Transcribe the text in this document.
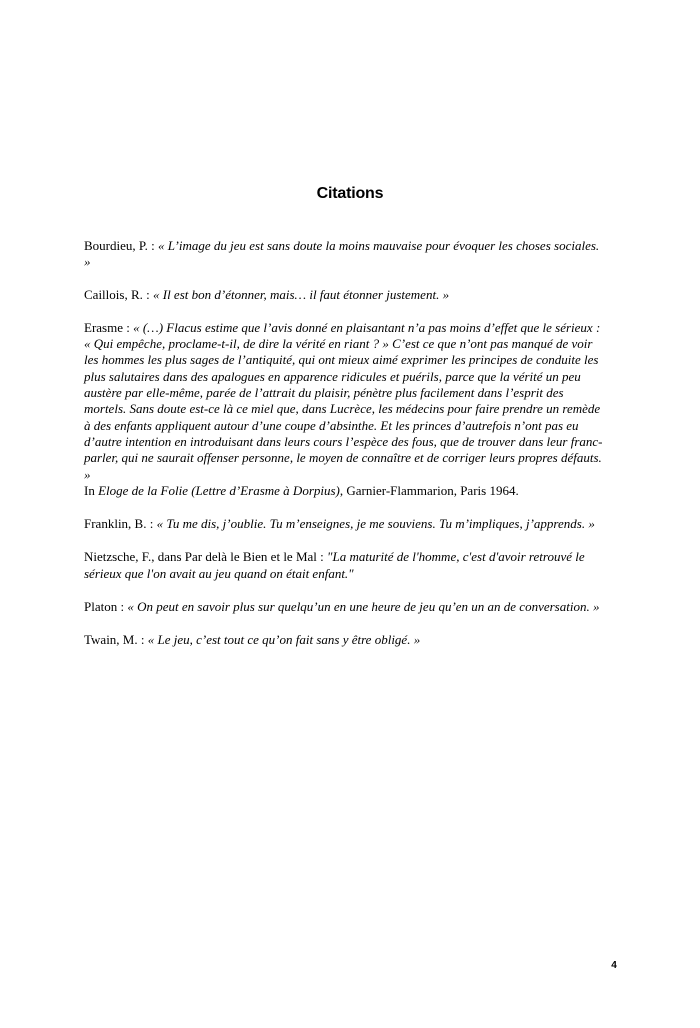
Citations

Bourdieu, P. : « L’image du jeu est sans doute la moins mauvaise pour évoquer les choses sociales. »

Caillois, R. : « Il est bon d’étonner, mais… il faut étonner justement. »

Erasme : « (…) Flacus estime que l’avis donné en plaisantant n’a pas moins d’effet que le sérieux : « Qui empêche, proclame-t-il, de dire la vérité en riant ? » C’est ce que n’ont pas manqué de voir les hommes les plus sages de l’antiquité, qui ont mieux aimé exprimer les principes de conduite les plus salutaires dans des apalogues en apparence ridicules et puérils, parce que la vérité un peu austère par elle-même, parée de l’attrait du plaisir, pénètre plus facilement dans l’esprit des mortels. Sans doute est-ce là ce miel que, dans Lucrèce, les médecins pour faire prendre un remède à des enfants appliquent autour d’une coupe d’absinthe. Et les princes d’autrefois n’ont pas eu d’autre intention en introduisant dans leurs cours l’espèce des fous, que de trouver dans leur franc-parler, qui ne saurait offenser personne, le moyen de connaître et de corriger leurs propres défauts. »
In Eloge de la Folie (Lettre d’Erasme à Dorpius), Garnier-Flammarion, Paris 1964.

Franklin, B. : « Tu me dis, j’oublie. Tu m’enseignes, je me souviens. Tu m’impliques, j’apprends. »

Nietzsche, F., dans Par delà le Bien et le Mal : "La maturité de l'homme, c'est d'avoir retrouvé le sérieux que l'on avait au jeu quand on était enfant."

Platon : « On peut en savoir plus sur quelqu’un en une heure de jeu qu’en un an de conversation. »

Twain, M. : « Le jeu, c’est tout ce qu’on fait sans y être obligé. »

4
